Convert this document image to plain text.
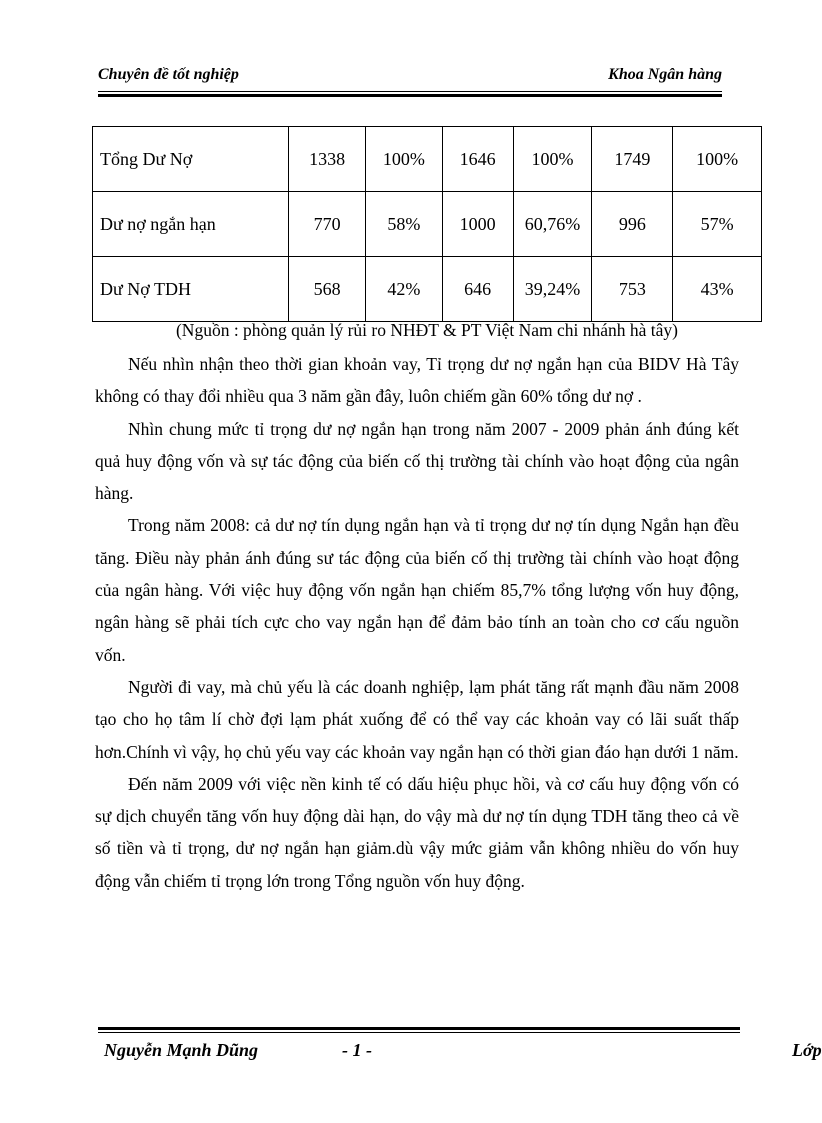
Chuyên đề tốt nghiệp	Khoa Ngân hàng
Tổng Dư Nợ	1338	100%	1646	100%	1749	100%
Dư nợ ngắn hạn	770	58%	1000	60,76%	996	57%
Dư Nợ TDH	568	42%	646	39,24%	753	43%
(Nguồn : phòng quản lý rủi ro NHĐT & PT Việt Nam chi nhánh hà tây)

Nếu nhìn nhận theo thời gian khoản vay, Tỉ trọng dư nợ ngắn hạn của BIDV Hà Tây không có thay đổi nhiều qua 3 năm gần đây, luôn chiếm gần 60% tổng dư nợ .

Nhìn chung mức tỉ trọng dư nợ ngắn hạn trong năm 2007 - 2009 phản ánh đúng kết quả huy động vốn và sự tác động của biến cố thị trường tài chính vào hoạt động của ngân hàng.

Trong năm 2008: cả dư nợ tín dụng ngắn hạn và tỉ trọng dư nợ tín dụng Ngắn hạn đều tăng. Điều này phản ánh đúng sư tác động của biến cố thị trường tài chính vào hoạt động của ngân hàng. Với việc huy động vốn ngắn hạn chiếm 85,7% tổng lượng vốn huy động, ngân hàng sẽ phải tích cực cho vay ngắn hạn để đảm bảo tính an toàn cho cơ cấu nguồn vốn.

Người đi vay, mà chủ yếu là các doanh nghiệp, lạm phát tăng rất mạnh đầu năm 2008 tạo cho họ tâm lí chờ đợi lạm phát xuống để có thể vay các khoản vay có lãi suất thấp hơn.Chính vì vậy, họ chủ yếu vay các khoản vay ngắn hạn có thời gian đáo hạn dưới 1 năm.

Đến năm 2009 với việc nền kinh tế có dấu hiệu phục hồi, và cơ cấu huy động vốn có sự dịch chuyển tăng vốn huy động dài hạn, do vậy mà dư nợ tín dụng TDH tăng theo cả về số tiền và tỉ trọng, dư nợ ngắn hạn giảm.dù vậy mức giảm vẫn không nhiều do vốn huy động vẫn chiếm tỉ trọng lớn trong Tổng nguồn vốn huy động.

Nguyễn Mạnh Dũng	- 1 -	Lớp
